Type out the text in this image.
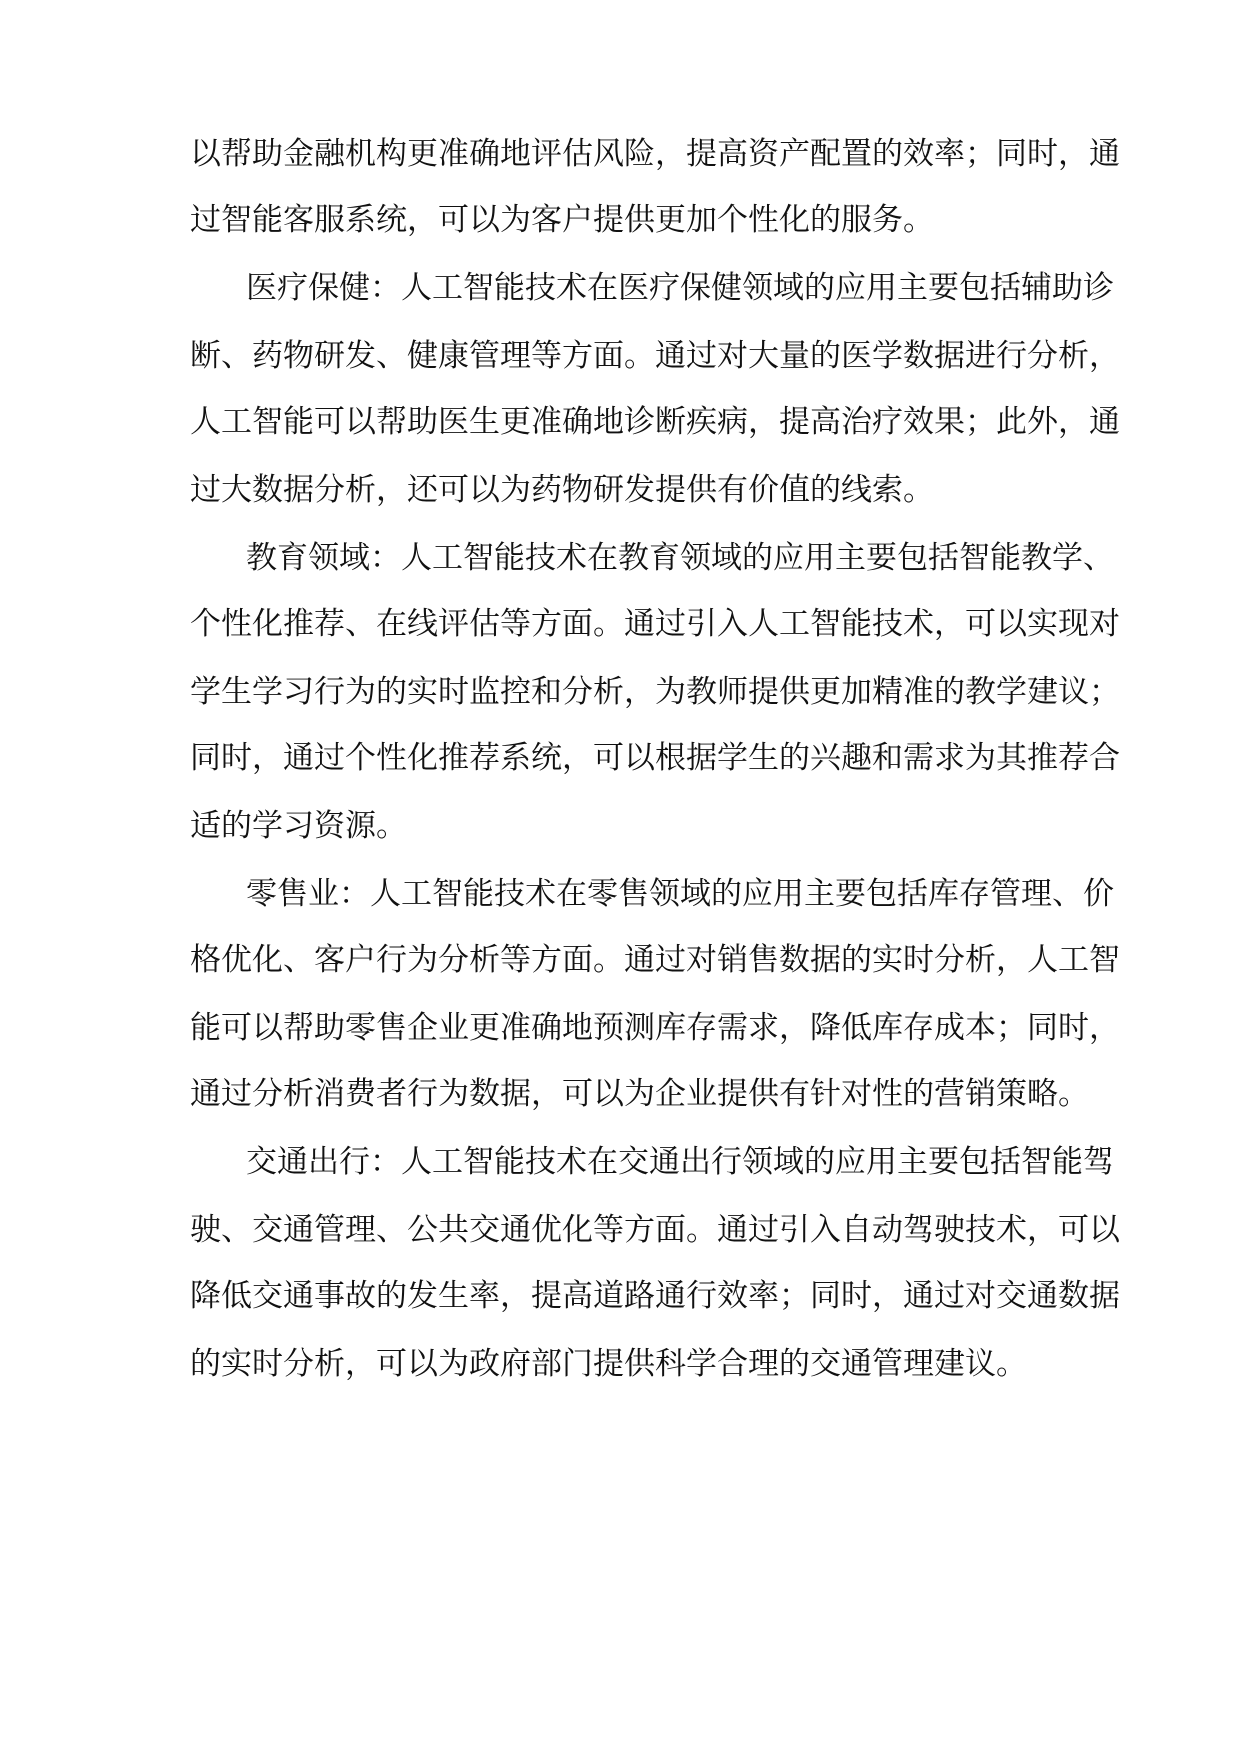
以帮助金融机构更准确地评估风险，提高资产配置的效率；同时，通

过智能客服系统，可以为客户提供更加个性化的服务。

医疗保健：人工智能技术在医疗保健领域的应用主要包括辅助诊

断、药物研发、健康管理等方面。通过对大量的医学数据进行分析，

人工智能可以帮助医生更准确地诊断疾病，提高治疗效果；此外，通

过大数据分析，还可以为药物研发提供有价值的线索。

教育领域：人工智能技术在教育领域的应用主要包括智能教学、

个性化推荐、在线评估等方面。通过引入人工智能技术，可以实现对

学生学习行为的实时监控和分析，为教师提供更加精准的教学建议；

同时，通过个性化推荐系统，可以根据学生的兴趣和需求为其推荐合

适的学习资源。

零售业：人工智能技术在零售领域的应用主要包括库存管理、价

格优化、客户行为分析等方面。通过对销售数据的实时分析，人工智

能可以帮助零售企业更准确地预测库存需求，降低库存成本；同时，

通过分析消费者行为数据，可以为企业提供有针对性的营销策略。

交通出行：人工智能技术在交通出行领域的应用主要包括智能驾

驶、交通管理、公共交通优化等方面。通过引入自动驾驶技术，可以

降低交通事故的发生率，提高道路通行效率；同时，通过对交通数据

的实时分析，可以为政府部门提供科学合理的交通管理建议。
